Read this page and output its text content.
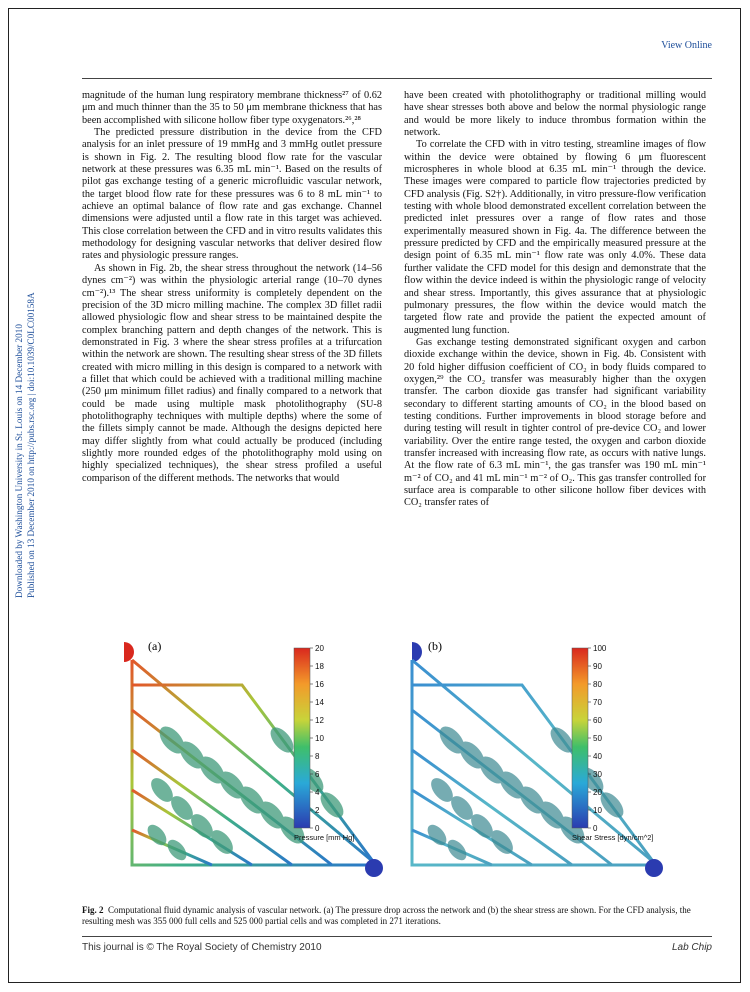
View Online
Downloaded by Washington University in St. Louis on 14 December 2010 Published on 13 December 2010 on http://pubs.rsc.org | doi:10.1039/C0LC00158A

magnitude of the human lung respiratory membrane thickness²⁷ of 0.62 μm and much thinner than the 35 to 50 μm membrane thickness that has been accomplished with silicone hollow fiber type oxygenators.²⁶,²⁸

The predicted pressure distribution in the device from the CFD analysis for an inlet pressure of 19 mmHg and 3 mmHg outlet pressure is shown in Fig. 2. The resulting blood flow rate for the vascular network at these pressures was 6.35 mL min⁻¹. Based on the results of pilot gas exchange testing of a generic microfluidic vascular network, the target blood flow rate for these pressures was 6 to 8 mL min⁻¹ to achieve an optimal balance of flow rate and gas exchange. Channel dimensions were adjusted until a flow rate in this target was achieved. This close correlation between the CFD and in vitro results validates this methodology for designing vascular networks that deliver desired flow rates and physiologic pressure ranges.

As shown in Fig. 2b, the shear stress throughout the network (14–56 dynes cm⁻²) was within the physiologic arterial range (10–70 dynes cm⁻²).¹³ The shear stress uniformity is completely dependent on the precision of the 3D micro milling machine. The complex 3D fillet radii allowed physiologic flow and shear stress to be maintained despite the complex branching pattern and depth changes of the network. This is demonstrated in Fig. 3 where the shear stress profiles at a trifurcation within the network are shown. The resulting shear stress of the 3D fillets created with micro milling in this design is compared to a network with a fillet that which could be achieved with a traditional milling machine (250 μm minimum fillet radius) and finally compared to a network that could be made using multiple mask photolithography (SU-8 photolithography techniques with multiple depths) where the some of the fillets simply cannot be made. Although the designs depicted here may differ slightly from what could actually be produced (including slightly more rounded edges of the photolithography mold using on highly specialized techniques), the shear stress profiled a useful comparison of the different methods. The networks that would

have been created with photolithography or traditional milling would have shear stresses both above and below the normal physiologic range and would be more likely to induce thrombus formation within the network.

To correlate the CFD with in vitro testing, streamline images of flow within the device were obtained by flowing 6 μm fluorescent microspheres in whole blood at 6.35 mL min⁻¹ through the device. These images were compared to particle flow trajectories predicted by CFD analysis (Fig. S2†). Additionally, in vitro pressure-flow verification testing with whole blood demonstrated excellent correlation between the predicted inlet pressures over a range of flow rates and those experimentally measured shown in Fig. 4a. The difference between the pressure predicted by CFD and the empirically measured pressure at the design point of 6.35 mL min⁻¹ flow rate was only 4.0%. These data further validate the CFD model for this design and demonstrate that the flow within the device indeed is within the physiologic range of velocity and shear stress. Importantly, this gives assurance that at physiologic pulmonary pressures, the flow within the device would match the targeted flow rate and provide the patient the expected amount of augmented lung function.

Gas exchange testing demonstrated significant oxygen and carbon dioxide exchange within the device, shown in Fig. 4b. Consistent with 20 fold higher diffusion coefficient of CO₂ in body fluids compared to oxygen,²⁹ the CO₂ transfer was measurably higher than the oxygen transfer. The carbon dioxide gas transfer had significant variability secondary to different starting amounts of CO₂ in the blood based on testing conditions. Further improvements in blood storage before and during testing will result in tighter control of pre-device CO₂ and lower variability. Over the entire range tested, the oxygen and carbon dioxide transfer increased with increasing flow rate, as occurs with native lungs. At the flow rate of 6.3 mL min⁻¹, the gas transfer was 190 mL min⁻¹ m⁻² of CO₂ and 41 mL min⁻¹ m⁻² of O₂. This gas transfer controlled for surface area is comparable to other silicone hollow fiber devices with CO₂ transfer rates of

(a)	20
18
16
14
12
10
8
6
4
2
0
Pressure [mm Hg]
(b)	100
90
80
70
60
50
40
30
20
10
0
Shear Stress [dyn/cm^2]
Fig. 2 Computational fluid dynamic analysis of vascular network. (a) The pressure drop across the network and (b) the shear stress are shown. For the CFD analysis, the resulting mesh was 355 000 full cells and 525 000 partial cells and was completed in 271 iterations.
This journal is © The Royal Society of Chemistry 2010	Lab Chip
